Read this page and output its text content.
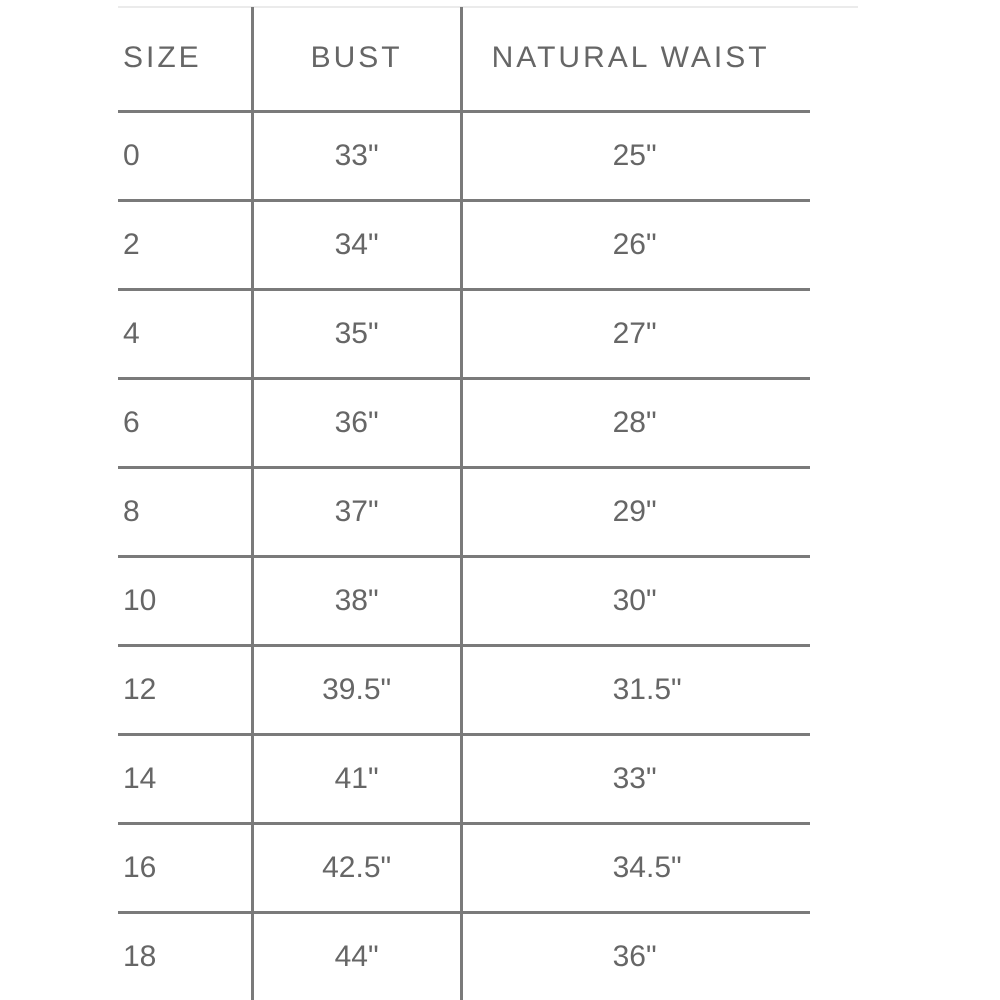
SIZE	BUST	NATURAL WAIST
0	33"	25"
2	34"	26"
4	35"	27"
6	36"	28"
8	37"	29"
10	38"	30"
12	39.5"	31.5"
14	41"	33"
16	42.5"	34.5"
18	44"	36"
